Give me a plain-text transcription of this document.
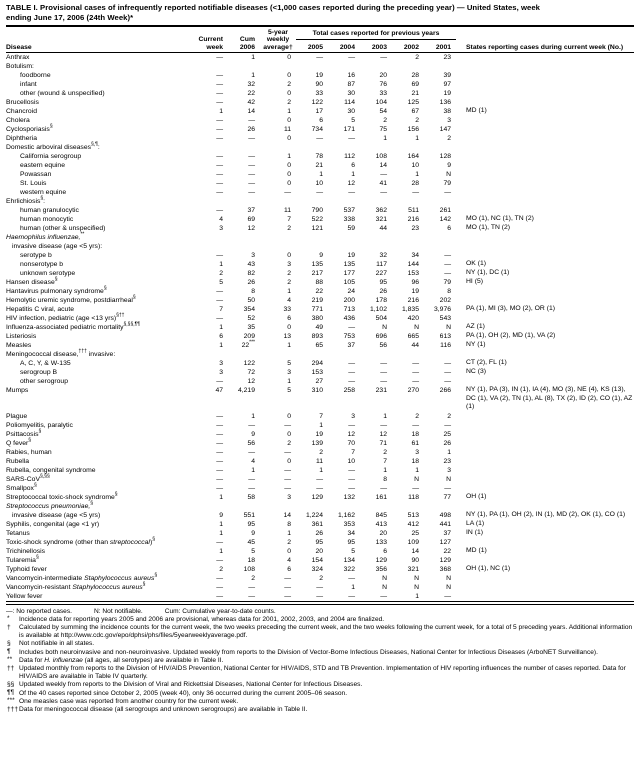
TABLE I. Provisional cases of infrequently reported notifiable diseases (<1,000 cases reported during the preceding year) — United States, week
ending June 17, 2006 (24th Week)*
Disease	Current week	Cum 2006	5-year weekly average†	Total cases reported for previous years					States reporting cases during current week (No.)
				2005	2004	2003	2002	2001	
Anthrax	—	1	0	—	—	—	2	23	
Botulism:									
foodborne	—	1	0	19	16	20	28	39	
infant	—	32	2	90	87	76	69	97	
other (wound & unspecified)	—	22	0	33	30	33	21	19	
Brucellosis	—	42	2	122	114	104	125	136	
Chancroid	1	14	1	17	30	54	67	38	MD (1)
Cholera	—	—	0	6	5	2	2	3	
Cyclosporiasis§	—	26	11	734	171	75	156	147	
Diphtheria	—	—	0	—	—	1	1	2	
Domestic arboviral diseases§,¶:									
California serogroup	—	—	1	78	112	108	164	128	
eastern equine	—	—	0	21	6	14	10	9	
Powassan	—	—	0	1	1	—	1	N	
St. Louis	—	—	0	10	12	41	28	79	
western equine	—	—	—	—	—	—	—	—	
Ehrlichiosis§:									
human granulocytic	—	37	11	790	537	362	511	261	
human monocytic	4	69	7	522	338	321	216	142	MO (1), NC (1), TN (2)
human (other & unspecified)	3	12	2	121	59	44	23	6	MO (1), TN (2)
Haemophilus influenzae,**									
invasive disease (age <5 yrs):									
serotype b	—	3	0	9	19	32	34	—	
nonserotype b	1	43	3	135	135	117	144	—	OK (1)
unknown serotype	2	82	2	217	177	227	153	—	NY (1), DC (1)
Hansen disease§	5	26	2	88	105	95	96	79	HI (5)
Hantavirus pulmonary syndrome§	—	8	1	22	24	26	19	8	
Hemolytic uremic syndrome, postdiarrheal§	—	50	4	219	200	178	216	202	
Hepatitis C viral, acute	7	354	33	771	713	1,102	1,835	3,976	PA (1), MI (3), MO (2), OR (1)
HIV infection, pediatric (age <13 yrs)§††	—	52	6	380	436	504	420	543	
Influenza-associated pediatric mortality§,§§,¶¶	1	35	0	49	—	N	N	N	AZ (1)
Listeriosis	6	209	13	893	753	696	665	613	PA (1), OH (2), MD (1), VA (2)
Measles	1	22***	1	65	37	56	44	116	NY (1)
Meningococcal disease,††† invasive:									
A, C, Y, & W-135	3	122	5	294	—	—	—	—	CT (2), FL (1)
serogroup B	3	72	3	153	—	—	—	—	NC (3)
other serogroup	—	12	1	27	—	—	—	—	
Mumps	47	4,219	5	310	258	231	270	266	NY (1), PA (3), IN (1), IA (4), MO (3), NE (4), KS (13), DC (1), VA (2), TN (1), AL (8), TX (2), ID (2), CO (1), AZ (1)
Plague	—	1	0	7	3	1	2	2	
Poliomyelitis, paralytic	—	—	—	1	—	—	—	—	
Psittacosis§	—	9	0	19	12	12	18	25	
Q fever§	—	56	2	139	70	71	61	26	
Rabies, human	—	—	—	2	7	2	3	1	
Rubella	—	4	0	11	10	7	18	23	
Rubella, congenital syndrome	—	1	—	1	—	1	1	3	
SARS-CoV§,§§	—	—	—	—	—	8	N	N	
Smallpox§	—	—	—	—	—	—	—	—	
Streptococcal toxic-shock syndrome§	1	58	3	129	132	161	118	77	OH (1)
Streptococcus pneumoniae,§									
invasive disease (age <5 yrs)	9	551	14	1,224	1,162	845	513	498	NY (1), PA (1), OH (2), IN (1), MD (2), OK (1), CO (1)
Syphilis, congenital (age <1 yr)	1	95	8	361	353	413	412	441	LA (1)
Tetanus	1	9	1	26	34	20	25	37	IN (1)
Toxic-shock syndrome (other than streptococcal)§	—	45	2	95	95	133	109	127	
Trichinellosis	1	5	0	20	5	6	14	22	MD (1)
Tularemia§	—	18	4	154	134	129	90	129	
Typhoid fever	2	108	6	324	322	356	321	368	OH (1), NC (1)
Vancomycin-intermediate Staphylococcus aureus§	—	2	—	2	—	N	N	N	
Vancomycin-resistant Staphylococcus aureus§	—	—	—	—	1	N	N	N	
Yellow fever	—	—	—	—	—	—	1	—	
—: No reported cases.	N: Not notifiable.	Cum: Cumulative year-to-date counts.
* Incidence data for reporting years 2005 and 2006 are provisional, whereas data for 2001, 2002, 2003, and 2004 are finalized.
† Calculated by summing the incidence counts for the current week, the two weeks preceding the current week, and the two weeks following the current week, for a total of 5 preceding years. Additional information is available at http://www.cdc.gov/epo/dphsi/phs/files/5yearweeklyaverage.pdf.
§ Not notifiable in all states.
¶ Includes both neuroinvasive and non-neuroinvasive. Updated weekly from reports to the Division of Vector-Borne Infectious Diseases, National Center for Infectious Diseases (ArboNET Surveillance).
** Data for H. influenzae (all ages, all serotypes) are available in Table II.
†† Updated monthly from reports to the Division of HIV/AIDS Prevention, National Center for HIV/AIDS, STD and TB Prevention. Implementation of HIV reporting influences the number of cases reported. Data for HIV/AIDS are available in Table IV quarterly.
§§ Updated weekly from reports to the Division of Viral and Rickettsial Diseases, National Center for Infectious Diseases.
¶¶ Of the 40 cases reported since October 2, 2005 (week 40), only 36 occurred during the current 2005–06 season.
*** One measles case was reported from another country for the current week.
††† Data for meningococcal disease (all serogroups and unknown serogroups) are available in Table II.
